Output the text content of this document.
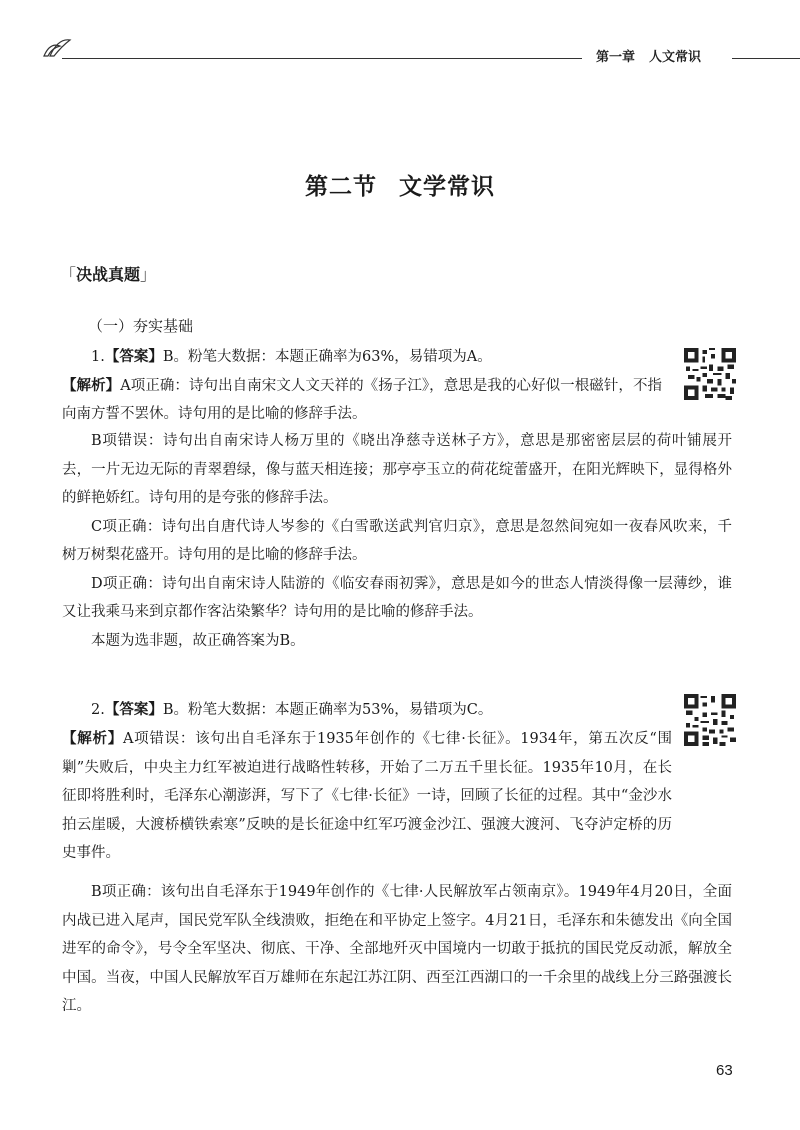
第一章 人文常识
第二节 文学常识
「决战真题」
（一）夯实基础

1.【答案】B。粉笔大数据：本题正确率为63%，易错项为A。

【解析】A项正确：诗句出自南宋文人文天祥的《扬子江》，意思是我的心好似一根磁针，不指向南方誓不罢休。诗句用的是比喻的修辞手法。

B项错误：诗句出自南宋诗人杨万里的《晓出净慈寺送林子方》，意思是那密密层层的荷叶铺展开去，一片无边无际的青翠碧绿，像与蓝天相连接；那亭亭玉立的荷花绽蕾盛开，在阳光辉映下，显得格外的鲜艳娇红。诗句用的是夸张的修辞手法。

C项正确：诗句出自唐代诗人岑参的《白雪歌送武判官归京》，意思是忽然间宛如一夜春风吹来，千树万树梨花盛开。诗句用的是比喻的修辞手法。

D项正确：诗句出自南宋诗人陆游的《临安春雨初霁》，意思是如今的世态人情淡得像一层薄纱，谁又让我乘马来到京都作客沾染繁华？诗句用的是比喻的修辞手法。

本题为选非题，故正确答案为B。

2.【答案】B。粉笔大数据：本题正确率为53%，易错项为C。

【解析】A项错误：该句出自毛泽东于1935年创作的《七律·长征》。1934年，第五次反“围剿”失败后，中央主力红军被迫进行战略性转移，开始了二万五千里长征。1935年10月，在长征即将胜利时，毛泽东心潮澎湃，写下了《七律·长征》一诗，回顾了长征的过程。其中“金沙水拍云崖暖，大渡桥横铁索寒”反映的是长征途中红军巧渡金沙江、强渡大渡河、飞夺泸定桥的历史事件。

B项正确：该句出自毛泽东于1949年创作的《七律·人民解放军占领南京》。1949年4月20日，全面内战已进入尾声，国民党军队全线溃败，拒绝在和平协定上签字。4月21日，毛泽东和朱德发出《向全国进军的命令》，号令全军坚决、彻底、干净、全部地歼灭中国境内一切敢于抵抗的国民党反动派，解放全中国。当夜，中国人民解放军百万雄师在东起江苏江阴、西至江西湖口的一千余里的战线上分三路强渡长江。

63
